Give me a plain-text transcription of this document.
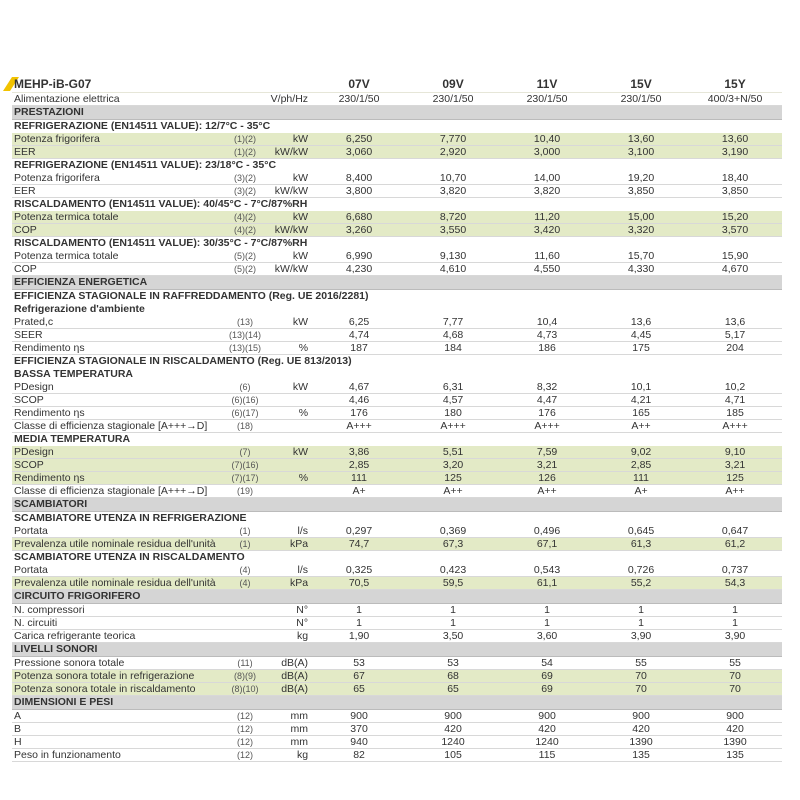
MEHP-iB-G07			07V	09V	11V	15V	15Y
Alimentazione elettrica		V/ph/Hz	230/1/50	230/1/50	230/1/50	230/1/50	400/3+N/50
PRESTAZIONI							
REFRIGERAZIONE (EN14511 VALUE): 12/7°C - 35°C							
Potenza frigorifera	(1)(2)	kW	6,250	7,770	10,40	13,60	13,60
EER	(1)(2)	kW/kW	3,060	2,920	3,000	3,100	3,190
REFRIGERAZIONE (EN14511 VALUE): 23/18°C - 35°C							
Potenza frigorifera	(3)(2)	kW	8,400	10,70	14,00	19,20	18,40
EER	(3)(2)	kW/kW	3,800	3,820	3,820	3,850	3,850
RISCALDAMENTO (EN14511 VALUE): 40/45°C - 7°C/87%RH							
Potenza termica totale	(4)(2)	kW	6,680	8,720	11,20	15,00	15,20
COP	(4)(2)	kW/kW	3,260	3,550	3,420	3,320	3,570
RISCALDAMENTO (EN14511 VALUE): 30/35°C - 7°C/87%RH							
Potenza termica totale	(5)(2)	kW	6,990	9,130	11,60	15,70	15,90
COP	(5)(2)	kW/kW	4,230	4,610	4,550	4,330	4,670
EFFICIENZA ENERGETICA							
EFFICIENZA STAGIONALE IN RAFFREDDAMENTO (Reg. UE 2016/2281)							
Refrigerazione d'ambiente							
Prated,c	(13)	kW	6,25	7,77	10,4	13,6	13,6
SEER	(13)(14)		4,74	4,68	4,73	4,45	5,17
Rendimento ηs	(13)(15)	%	187	184	186	175	204
EFFICIENZA STAGIONALE IN RISCALDAMENTO (Reg. UE 813/2013)							
BASSA TEMPERATURA							
PDesign	(6)	kW	4,67	6,31	8,32	10,1	10,2
SCOP	(6)(16)		4,46	4,57	4,47	4,21	4,71
Rendimento ηs	(6)(17)	%	176	180	176	165	185
Classe di efficienza stagionale [A+++→D]	(18)		A+++	A+++	A+++	A++	A+++
MEDIA TEMPERATURA							
PDesign	(7)	kW	3,86	5,51	7,59	9,02	9,10
SCOP	(7)(16)		2,85	3,20	3,21	2,85	3,21
Rendimento ηs	(7)(17)	%	111	125	126	111	125
Classe di efficienza stagionale [A+++→D]	(19)		A+	A++	A++	A+	A++
SCAMBIATORI							
SCAMBIATORE UTENZA IN REFRIGERAZIONE							
Portata	(1)	l/s	0,297	0,369	0,496	0,645	0,647
Prevalenza utile nominale residua dell'unità	(1)	kPa	74,7	67,3	67,1	61,3	61,2
SCAMBIATORE UTENZA IN RISCALDAMENTO							
Portata	(4)	l/s	0,325	0,423	0,543	0,726	0,737
Prevalenza utile nominale residua dell'unità	(4)	kPa	70,5	59,5	61,1	55,2	54,3
CIRCUITO FRIGORIFERO							
N. compressori		N°	1	1	1	1	1
N. circuiti		N°	1	1	1	1	1
Carica refrigerante teorica		kg	1,90	3,50	3,60	3,90	3,90
LIVELLI SONORI							
Pressione sonora totale	(11)	dB(A)	53	53	54	55	55
Potenza sonora totale in refrigerazione	(8)(9)	dB(A)	67	68	69	70	70
Potenza sonora totale in riscaldamento	(8)(10)	dB(A)	65	65	69	70	70
DIMENSIONI E PESI							
A	(12)	mm	900	900	900	900	900
B	(12)	mm	370	420	420	420	420
H	(12)	mm	940	1240	1240	1390	1390
Peso in funzionamento	(12)	kg	82	105	115	135	135
